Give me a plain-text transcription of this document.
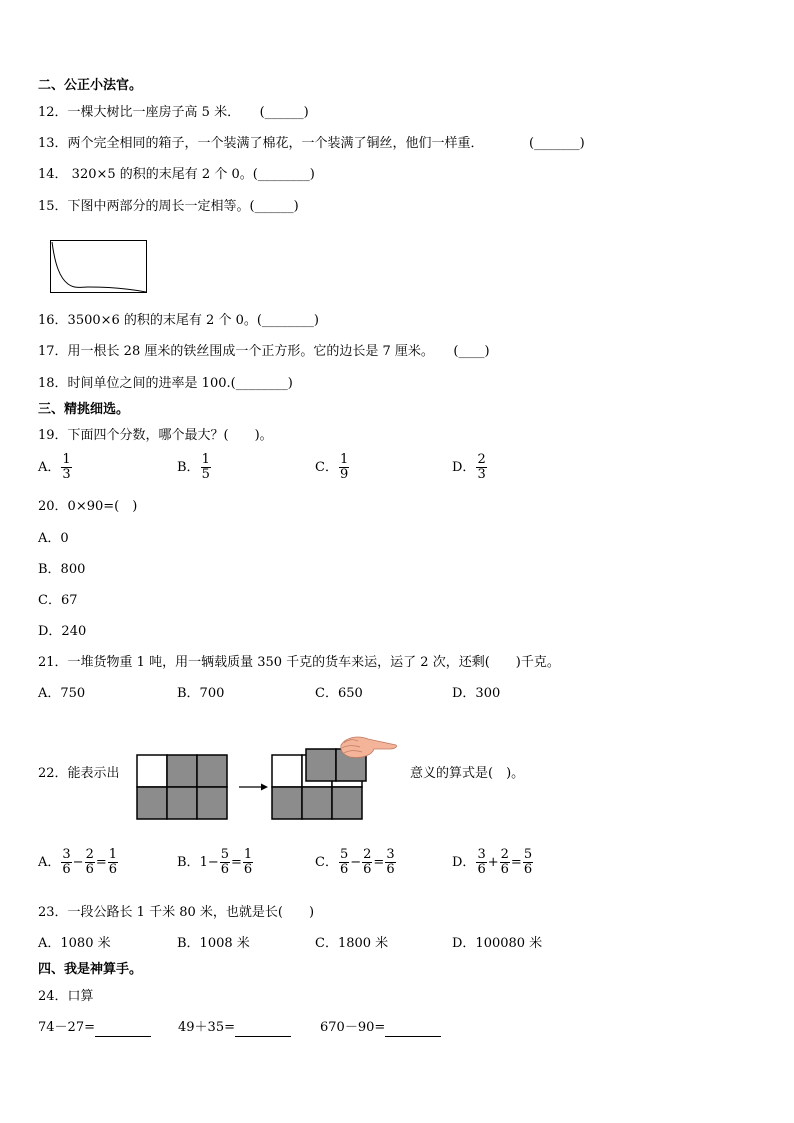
二、公正小法官。
12．一棵大树比一座房子高 5 米．　　(______)
13．两个完全相同的箱子，一个装满了棉花，一个装满了铜丝，他们一样重．　　　　(_______)
14． 320×5 的积的末尾有 2 个 0。(________)
15．下图中两部分的周长一定相等。(______)
16．3500×6 的积的末尾有 2 个 0。(________)
17．用一根长 28 厘米的铁丝围成一个正方形。它的边长是 7 厘米。　　(____)
18．时间单位之间的进率是 100.(________)
三、精挑细选。
19．下面四个分数，哪个最大？(　　)。
A． $\frac{1}{3}$	B． $\frac{1}{5}$	C． $\frac{1}{9}$	D． $\frac{2}{3}$
20．0×90=(　)
A．0
B．800
C．67
D．240
21．一堆货物重 1 吨，用一辆载质量 350 千克的货车来运，运了 2 次，还剩(　　)千克。
A．750	B．700	C．650	D．300
22．能表示出	意义的算式是(　)。
A． $\frac{3}{6} - \frac{2}{6} = \frac{1}{6}$	B．$1- \frac{5}{6} = \frac{1}{6}$	C． $\frac{5}{6} - \frac{2}{6} = \frac{3}{6}$	D． $\frac{3}{6} + \frac{2}{6} = \frac{5}{6}$
23．一段公路长 1 千米 80 米，也就是长(　　)
A．1080 米	B．1008 米	C．1800 米	D．100080 米
四、我是神算手。
24．口算
74－27=	49＋35=	670－90=
